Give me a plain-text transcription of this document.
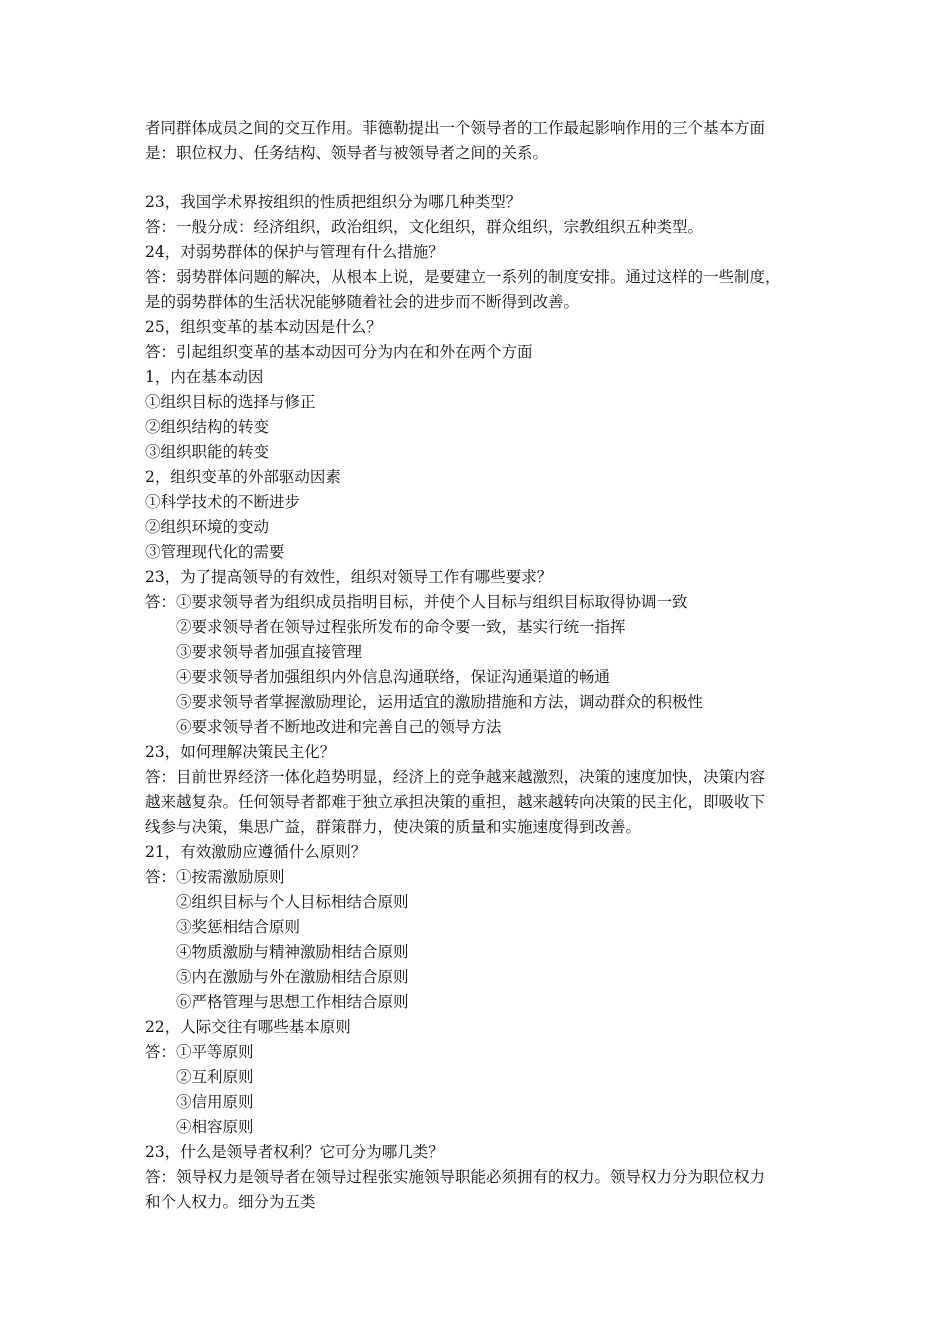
者同群体成员之间的交互作用。菲德勒提出一个领导者的工作最起影响作用的三个基本方面
是：职位权力、任务结构、领导者与被领导者之间的关系。
23，我国学术界按组织的性质把组织分为哪几种类型？
答：一般分成：经济组织，政治组织，文化组织，群众组织，宗教组织五种类型。
24，对弱势群体的保护与管理有什么措施？
答：弱势群体问题的解决，从根本上说，是要建立一系列的制度安排。通过这样的一些制度，
是的弱势群体的生活状况能够随着社会的进步而不断得到改善。
25，组织变革的基本动因是什么？
答：引起组织变革的基本动因可分为内在和外在两个方面
1，内在基本动因
①组织目标的选择与修正
②组织结构的转变
③组织职能的转变
2，组织变革的外部驱动因素
①科学技术的不断进步
②组织环境的变动
③管理现代化的需要
23，为了提高领导的有效性，组织对领导工作有哪些要求？
答：①要求领导者为组织成员指明目标，并使个人目标与组织目标取得协调一致
②要求领导者在领导过程张所发布的命令要一致，基实行统一指挥
③要求领导者加强直接管理
④要求领导者加强组织内外信息沟通联络，保证沟通渠道的畅通
⑤要求领导者掌握激励理论，运用适宜的激励措施和方法，调动群众的积极性
⑥要求领导者不断地改进和完善自己的领导方法
23，如何理解决策民主化？
答：目前世界经济一体化趋势明显，经济上的竞争越来越激烈，决策的速度加快，决策内容
越来越复杂。任何领导者都难于独立承担决策的重担，越来越转向决策的民主化，即吸收下
线参与决策，集思广益，群策群力，使决策的质量和实施速度得到改善。
21，有效激励应遵循什么原则？
答：①按需激励原则
②组织目标与个人目标相结合原则
③奖惩相结合原则
④物质激励与精神激励相结合原则
⑤内在激励与外在激励相结合原则
⑥严格管理与思想工作相结合原则
22，人际交往有哪些基本原则
答：①平等原则
②互利原则
③信用原则
④相容原则
23，什么是领导者权利？它可分为哪几类？
答：领导权力是领导者在领导过程张实施领导职能必须拥有的权力。领导权力分为职位权力
和个人权力。细分为五类
